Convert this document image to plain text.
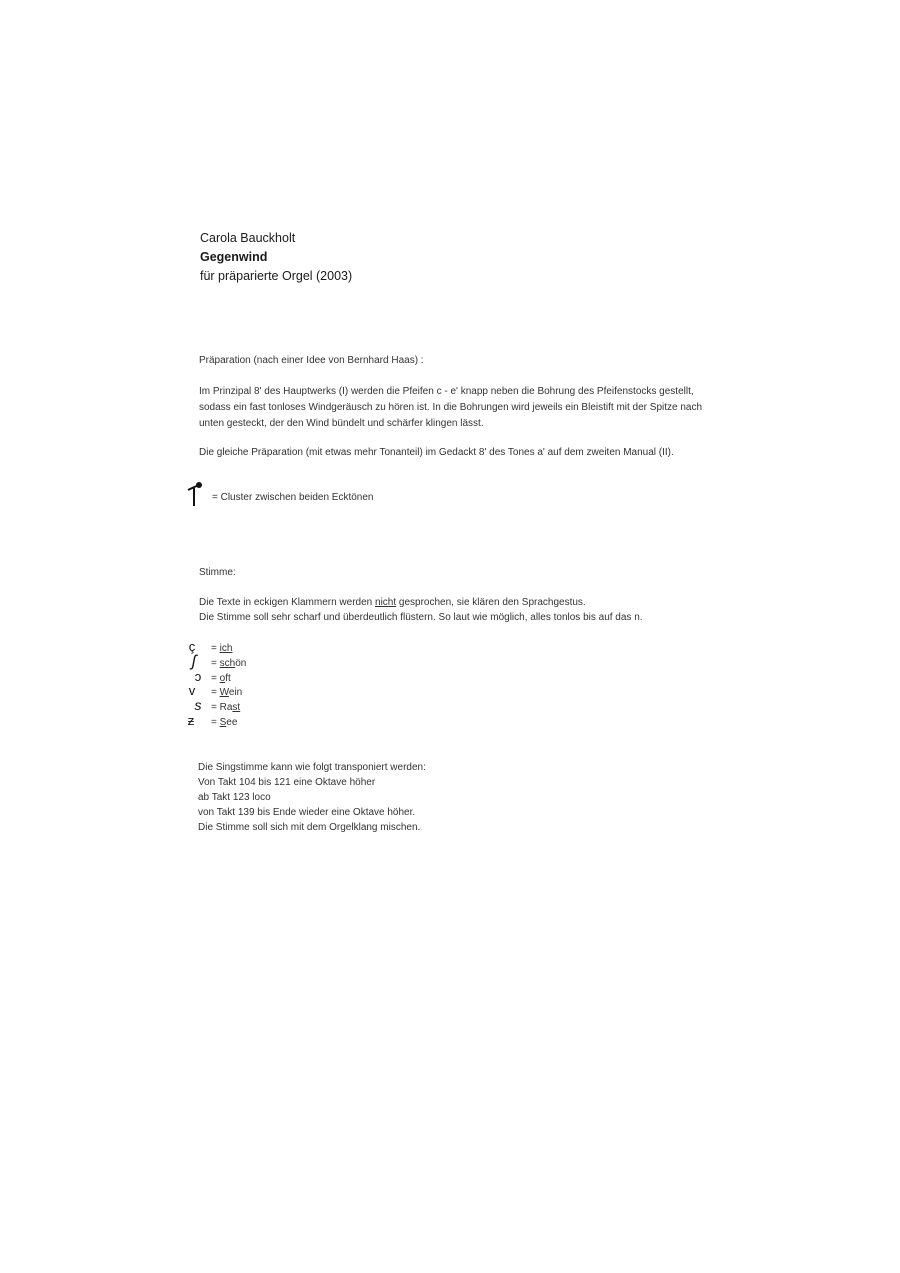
Carola Bauckholt
Gegenwind
für präparierte Orgel (2003)
Präparation (nach einer Idee von Bernhard Haas) :
Im Prinzipal 8' des Hauptwerks (I) werden die Pfeifen c - e' knapp neben die Bohrung des Pfeifenstocks gestellt,
sodass ein fast tonloses Windgeräusch zu hören ist. In die Bohrungen wird jeweils ein Bleistift mit der Spitze nach
unten gesteckt, der den Wind bündelt und schärfer klingen lässt.
Die gleiche Präparation (mit etwas mehr Tonanteil) im Gedackt 8' des Tones a' auf dem zweiten Manual (II).
= Cluster zwischen beiden Ecktönen
Stimme:
Die Texte in eckigen Klammern werden nicht gesprochen, sie klären den Sprachgestus.
Die Stimme soll sehr scharf und überdeutlich flüstern. So laut wie möglich, alles tonlos bis auf das n.
ç	= ich
ʃ	= schön
ɔ = oft
v	= Wein
s = Rast
ƶ	= See
Die Singstimme kann wie folgt transponiert werden:
Von Takt 104 bis 121 eine Oktave höher
ab Takt 123 loco
von Takt 139 bis Ende wieder eine Oktave höher.
Die Stimme soll sich mit dem Orgelklang mischen.
